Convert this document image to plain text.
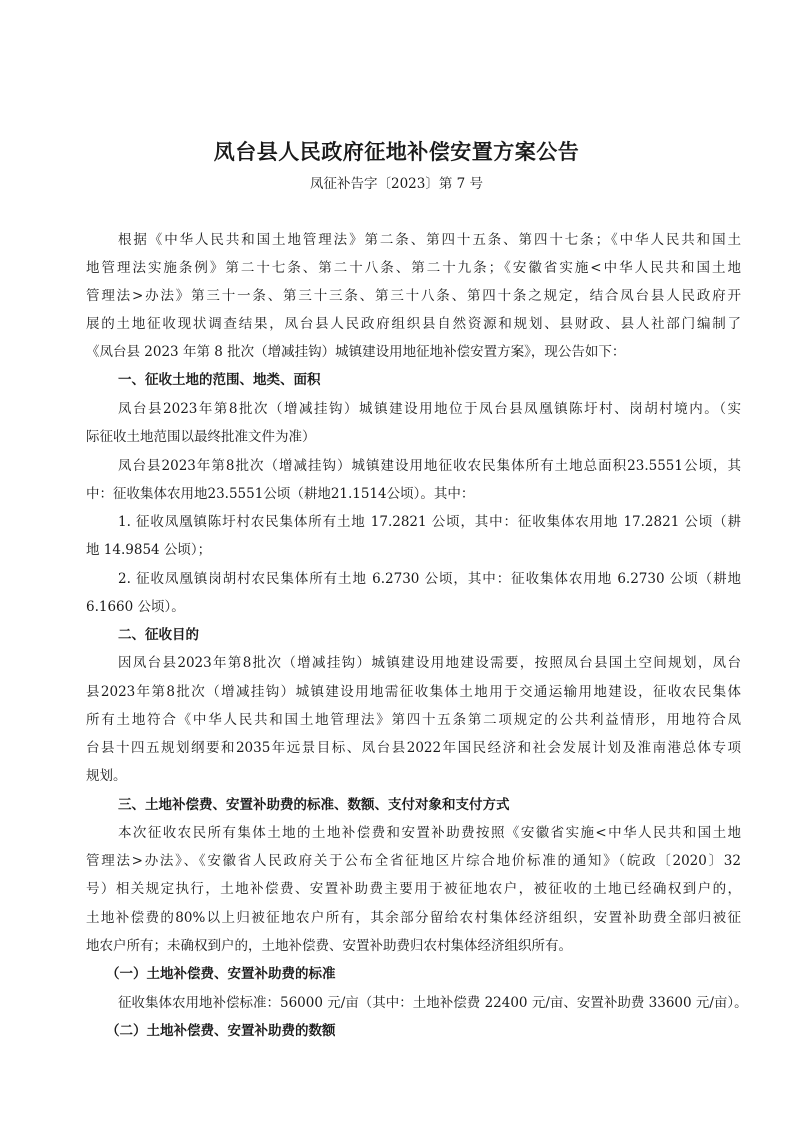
凤台县人民政府征地补偿安置方案公告
凤征补告字〔2023〕第 7 号
根据《中华人民共和国土地管理法》第二条、第四十五条、第四十七条；《中华人民共和国土
地管理法实施条例》第二十七条、第二十八条、第二十九条；《安徽省实施<中华人民共和国土地
管理法>办法》第三十一条、第三十三条、第三十八条、第四十条之规定，结合凤台县人民政府开
展的土地征收现状调查结果，凤台县人民政府组织县自然资源和规划、县财政、县人社部门编制了
《凤台县 2023 年第 8 批次（增减挂钩）城镇建设用地征地补偿安置方案》，现公告如下：
一、征收土地的范围、地类、面积
凤台县2023年第8批次（增减挂钩）城镇建设用地位于凤台县凤凰镇陈圩村、岗胡村境内。（实
际征收土地范围以最终批准文件为准）
凤台县2023年第8批次（增减挂钩）城镇建设用地征收农民集体所有土地总面积23.5551公顷，其
中：征收集体农用地23.5551公顷（耕地21.1514公顷）。其中：
1. 征收凤凰镇陈圩村农民集体所有土地 17.2821 公顷，其中：征收集体农用地 17.2821 公顷（耕
地 14.9854 公顷）；
2. 征收凤凰镇岗胡村农民集体所有土地 6.2730 公顷，其中：征收集体农用地 6.2730 公顷（耕地
6.1660 公顷）。
二、征收目的
因凤台县2023年第8批次（增减挂钩）城镇建设用地建设需要，按照凤台县国土空间规划，凤台
县2023年第8批次（增减挂钩）城镇建设用地需征收集体土地用于交通运输用地建设，征收农民集体
所有土地符合《中华人民共和国土地管理法》第四十五条第二项规定的公共利益情形，用地符合凤
台县十四五规划纲要和2035年远景目标、凤台县2022年国民经济和社会发展计划及淮南港总体专项
规划。
三、土地补偿费、安置补助费的标准、数额、支付对象和支付方式
本次征收农民所有集体土地的土地补偿费和安置补助费按照《安徽省实施<中华人民共和国土地
管理法>办法》、《安徽省人民政府关于公布全省征地区片综合地价标准的通知》（皖政〔2020〕32
号）相关规定执行，土地补偿费、安置补助费主要用于被征地农户，被征收的土地已经确权到户的，
土地补偿费的80%以上归被征地农户所有，其余部分留给农村集体经济组织，安置补助费全部归被征
地农户所有；未确权到户的，土地补偿费、安置补助费归农村集体经济组织所有。
（一）土地补偿费、安置补助费的标准
征收集体农用地补偿标准：56000 元/亩（其中：土地补偿费 22400 元/亩、安置补助费 33600 元/亩）。
（二）土地补偿费、安置补助费的数额
